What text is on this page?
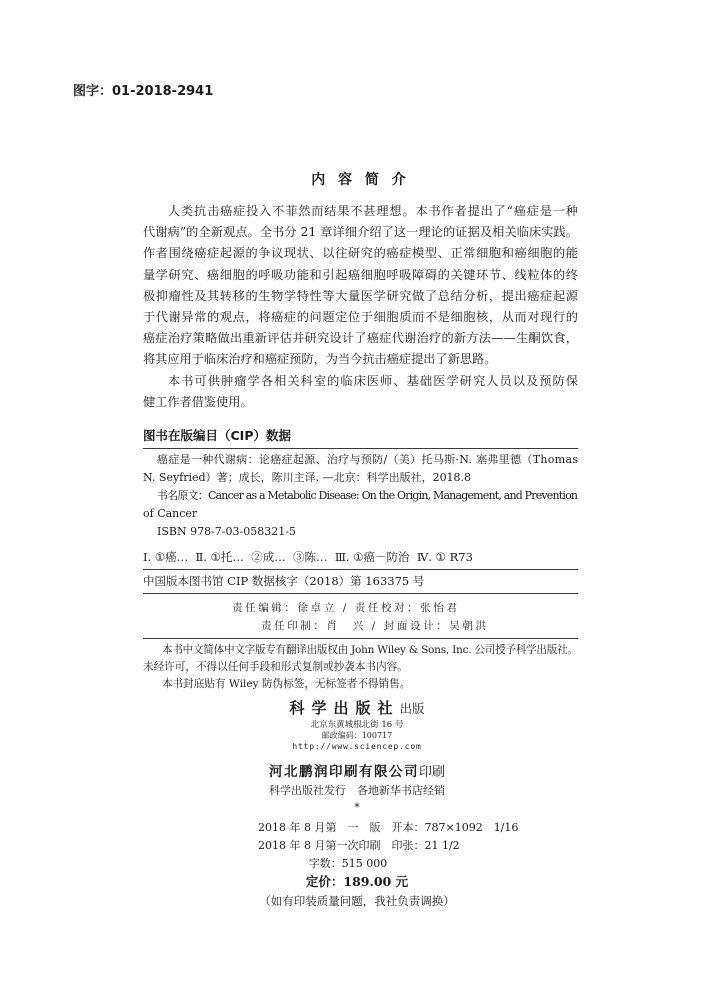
图字：01-2018-2941
内 容 简 介
人类抗击癌症投入不菲然而结果不甚理想。本书作者提出了“癌症是一种
代谢病”的全新观点。全书分 21 章详细介绍了这一理论的证据及相关临床实践。
作者围绕癌症起源的争议现状、以往研究的癌症模型、正常细胞和癌细胞的能
量学研究、癌细胞的呼吸功能和引起癌细胞呼吸障碍的关键环节、线粒体的终
极抑瘤性及其转移的生物学特性等大量医学研究做了总结分析，提出癌症起源
于代谢异常的观点，将癌症的问题定位于细胞质而不是细胞核，从而对现行的
癌症治疗策略做出重新评估并研究设计了癌症代谢治疗的新方法——生酮饮食，
将其应用于临床治疗和癌症预防，为当今抗击癌症提出了新思路。
本书可供肿瘤学各相关科室的临床医师、基础医学研究人员以及预防保
健工作者借鉴使用。
图书在版编目（CIP）数据
癌症是一种代谢病：论癌症起源、治疗与预防/（美）托马斯·N. 塞弗里德（Thomas
N. Seyfried）著；成长，陈川主译. —北京：科学出版社，2018.8
书名原文：Cancer as a Metabolic Disease: On the Origin, Management, and Prevention
of Cancer
ISBN 978-7-03-058321-5
Ⅰ. ①癌…  Ⅱ. ①托…  ②成…  ③陈…  Ⅲ. ①癌－防治  Ⅳ. ① R73
中国版本图书馆 CIP 数据核字（2018）第 163375 号
责任编辑：徐卓立 / 责任校对：张怡君
责任印制：肖　兴 / 封面设计：吴朝洪
本书中文简体中文字版专有翻译出版权由 John Wiley & Sons, Inc. 公司授予科学出版社。
未经许可，不得以任何手段和形式复制或抄袭本书内容。
本书封底贴有 Wiley 防伪标签，无标签者不得销售。
科学出版社出版
北京东黄城根北街 16 号
邮政编码：100717
http://www.sciencep.com
河北鹏润印刷有限公司印刷
科学出版社发行　各地新华书店经销
*
2018 年 8 月第　一　版　开本：787×1092　1/16
2018 年 8 月第一次印刷　印张：21 1/2
字数：515 000
定价：189.00 元
（如有印装质量问题，我社负责调换）
